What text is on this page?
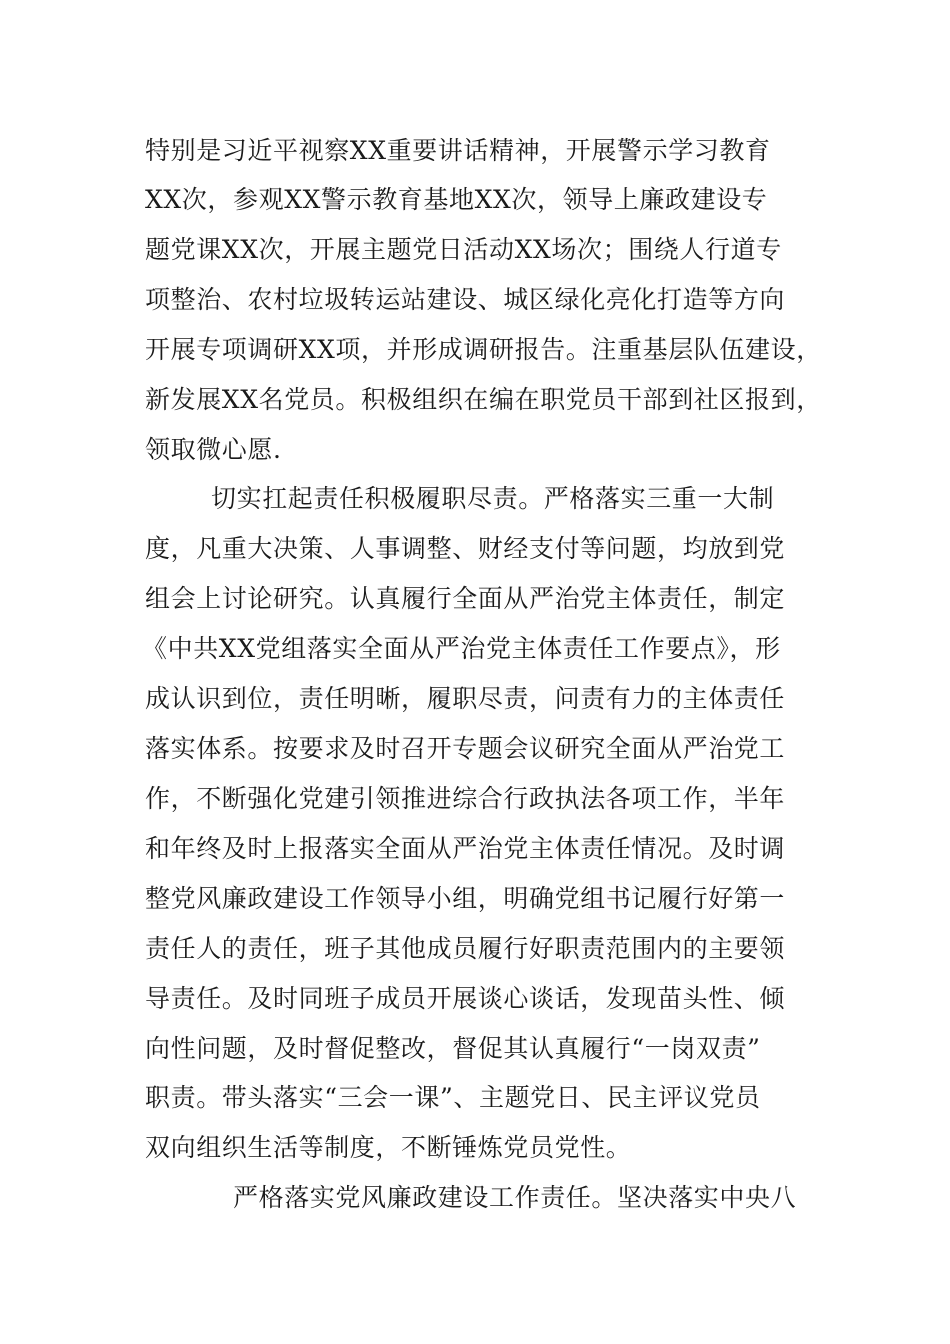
特别是习近平视察XX重要讲话精神，开展警示学习教育
XX次，参观XX警示教育基地XX次，领导上廉政建设专
题党课XX次，开展主题党日活动XX场次；围绕人行道专
项整治、农村垃圾转运站建设、城区绿化亮化打造等方向
开展专项调研XX项，并形成调研报告。注重基层队伍建设，
新发展XX名党员。积极组织在编在职党员干部到社区报到，
领取微心愿.
切实扛起责任积极履职尽责。严格落实三重一大制
度，凡重大决策、人事调整、财经支付等问题，均放到党
组会上讨论研究。认真履行全面从严治党主体责任，制定
《中共XX党组落实全面从严治党主体责任工作要点》，形
成认识到位，责任明晰，履职尽责，问责有力的主体责任
落实体系。按要求及时召开专题会议研究全面从严治党工
作，不断强化党建引领推进综合行政执法各项工作，半年
和年终及时上报落实全面从严治党主体责任情况。及时调
整党风廉政建设工作领导小组，明确党组书记履行好第一
责任人的责任，班子其他成员履行好职责范围内的主要领
导责任。及时同班子成员开展谈心谈话，发现苗头性、倾
向性问题，及时督促整改，督促其认真履行“一岗双责”
职责。带头落实“三会一课”、主题党日、民主评议党员
双向组织生活等制度，不断锤炼党员党性。
严格落实党风廉政建设工作责任。坚决落实中央八
